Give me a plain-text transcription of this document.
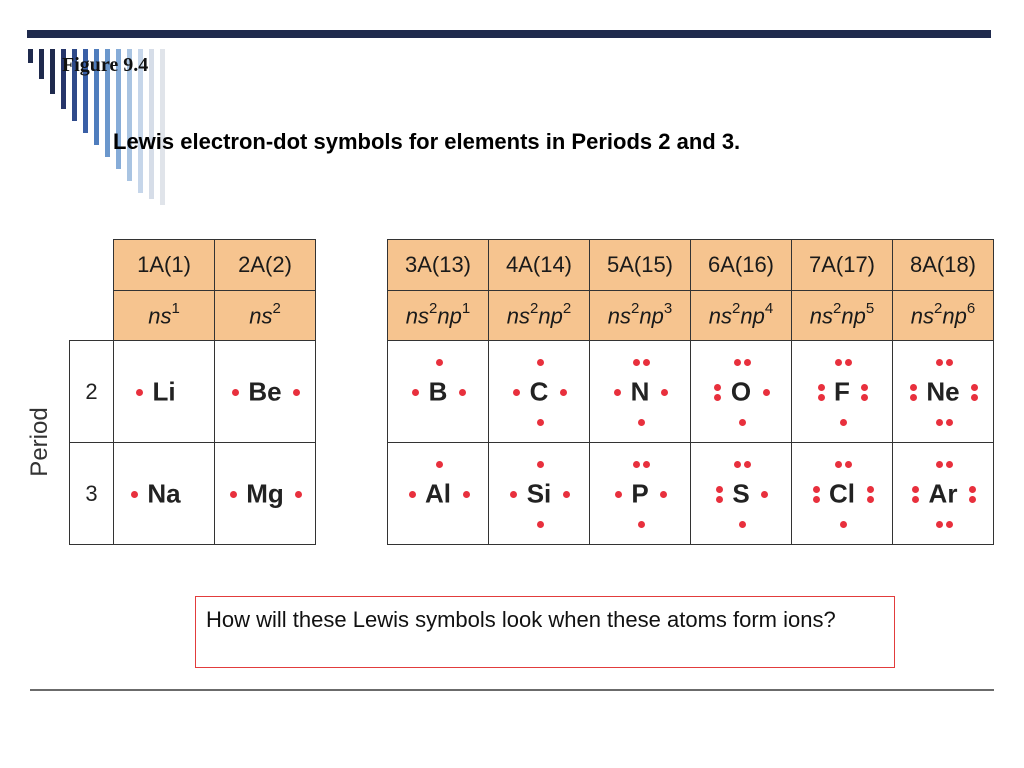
Figure 9.4
Lewis electron-dot symbols for elements in Periods 2 and 3.
2
3
1A(1)
$ns^1$
Li
Na
2A(2)
$ns^2$
Be
Mg
3A(13)
$ns^2np^1$
B
Al
4A(14)
$ns^2np^2$
C
Si
5A(15)
$ns^2np^3$
N
P
6A(16)
$ns^2np^4$
O
S
7A(17)
$ns^2np^5$
F
Cl
8A(18)
$ns^2np^6$
Ne
Ar
Period
How will these Lewis symbols look when these atoms form ions?
